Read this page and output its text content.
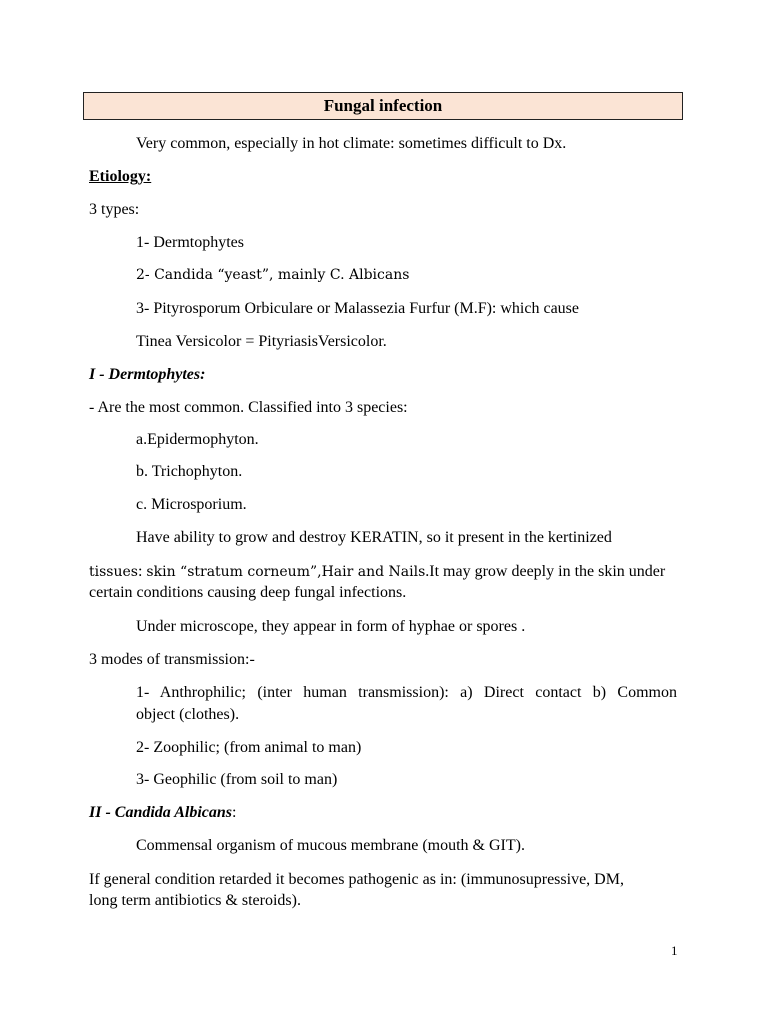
Fungal infection
Very common, especially in hot climate: sometimes difficult to Dx.
Etiology:
3 types:
1- Dermtophytes
2- Candida “yeast”, mainly C. Albicans
3- Pityrosporum Orbiculare or Malassezia Furfur (M.F): which cause
Tinea Versicolor = PityriasisVersicolor.
I - Dermtophytes:
- Are the most common. Classified into 3 species:
a.Epidermophyton.
b. Trichophyton.
c. Microsporium.
Have ability to grow and destroy KERATIN, so it present in the kertinized
tissues: skin “stratum corneum”,Hair and Nails.It may grow deeply in the skin under
certain conditions causing deep fungal infections.
Under microscope, they appear in form of hyphae or spores .
3 modes of transmission:-
1- Anthrophilic; (inter human transmission): a) Direct contact b) Common
object (clothes).
2- Zoophilic; (from animal to man)
3- Geophilic (from soil to man)
II - Candida Albicans:
Commensal organism of mucous membrane (mouth & GIT).
If general condition retarded it becomes pathogenic as in: (immunosupressive, DM,
long term antibiotics & steroids).
1
